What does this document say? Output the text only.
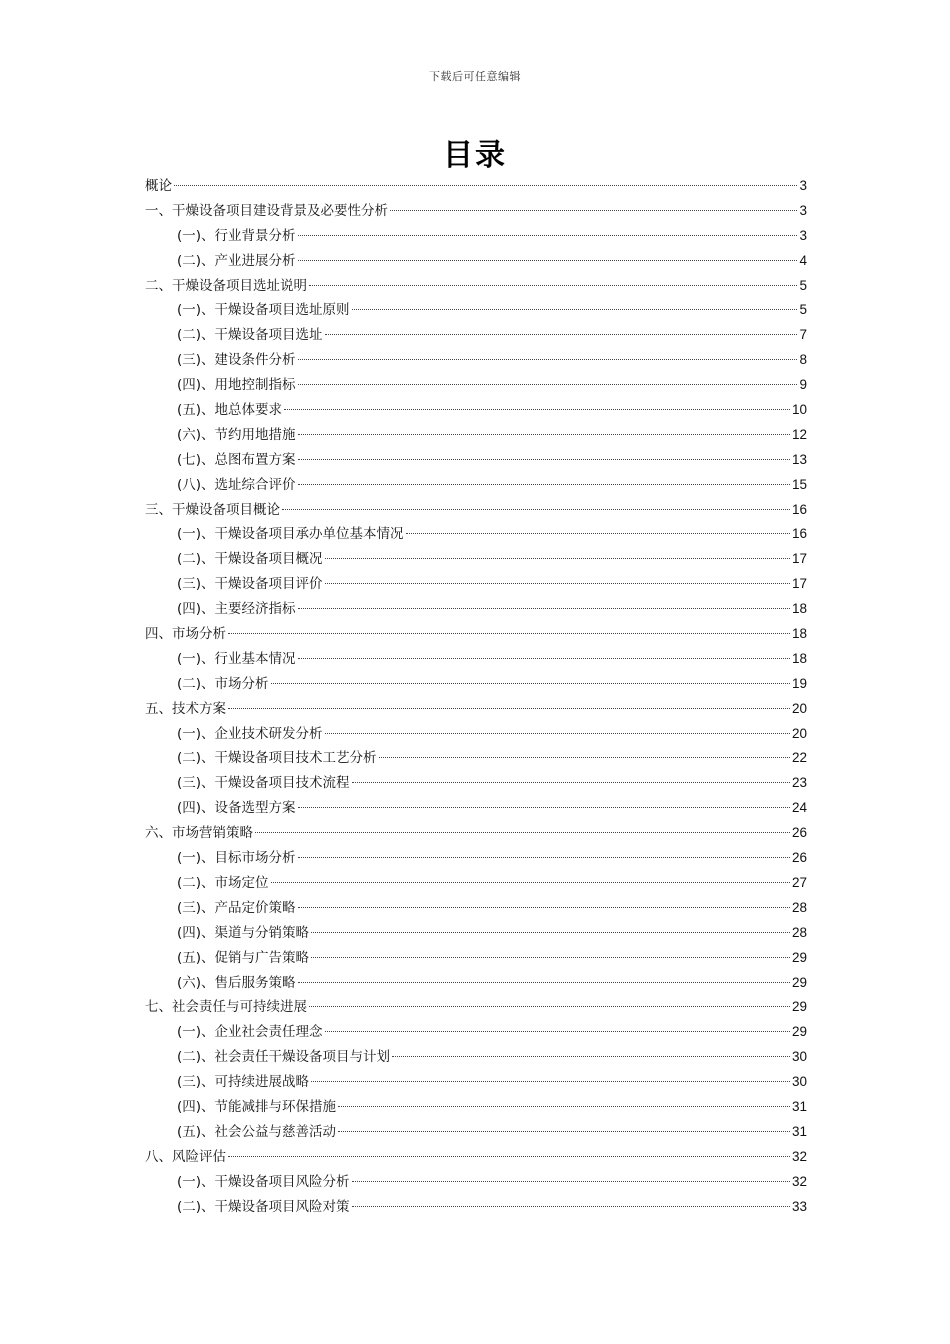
下载后可任意编辑
目录
概论	3
一、干燥设备项目建设背景及必要性分析	3
(一)、行业背景分析	3
(二)、产业进展分析	4
二、干燥设备项目选址说明	5
(一)、干燥设备项目选址原则	5
(二)、干燥设备项目选址	7
(三)、建设条件分析	8
(四)、用地控制指标	9
(五)、地总体要求	10
(六)、节约用地措施	12
(七)、总图布置方案	13
(八)、选址综合评价	15
三、干燥设备项目概论	16
(一)、干燥设备项目承办单位基本情况	16
(二)、干燥设备项目概况	17
(三)、干燥设备项目评价	17
(四)、主要经济指标	18
四、市场分析	18
(一)、行业基本情况	18
(二)、市场分析	19
五、技术方案	20
(一)、企业技术研发分析	20
(二)、干燥设备项目技术工艺分析	22
(三)、干燥设备项目技术流程	23
(四)、设备选型方案	24
六、市场营销策略	26
(一)、目标市场分析	26
(二)、市场定位	27
(三)、产品定价策略	28
(四)、渠道与分销策略	28
(五)、促销与广告策略	29
(六)、售后服务策略	29
七、社会责任与可持续进展	29
(一)、企业社会责任理念	29
(二)、社会责任干燥设备项目与计划	30
(三)、可持续进展战略	30
(四)、节能减排与环保措施	31
(五)、社会公益与慈善活动	31
八、风险评估	32
(一)、干燥设备项目风险分析	32
(二)、干燥设备项目风险对策	33
